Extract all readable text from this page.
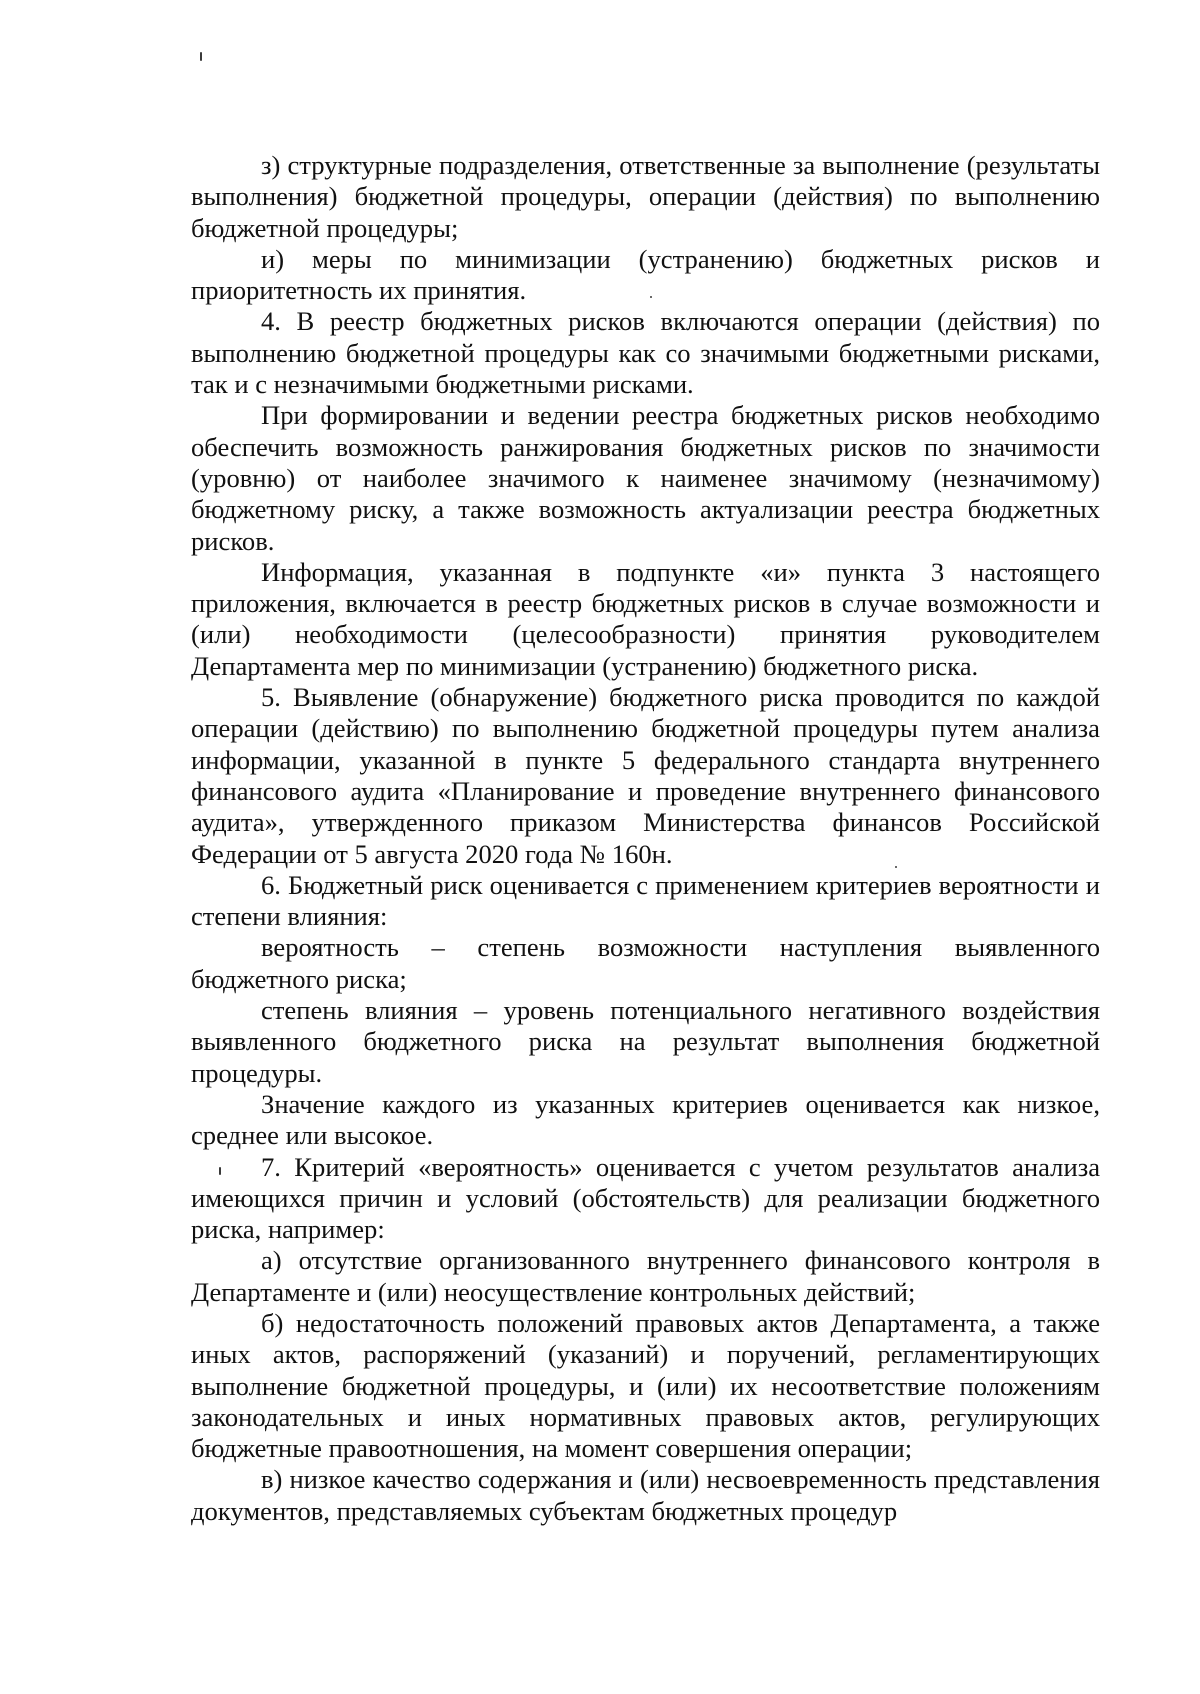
з) структурные подразделения, ответственные за выполнение (результаты выполнения) бюджетной процедуры, операции (действия) по выполнению бюджетной процедуры;

и) меры по минимизации (устранению) бюджетных рисков и приоритетность их принятия.

4. В реестр бюджетных рисков включаются операции (действия) по выполнению бюджетной процедуры как со значимыми бюджетными рисками, так и с незначимыми бюджетными рисками.

При формировании и ведении реестра бюджетных рисков необходимо обеспечить возможность ранжирования бюджетных рисков по значимости (уровню) от наиболее значимого к наименее значимому (незначимому) бюджетному риску, а также возможность актуализации реестра бюджетных рисков.

Информация, указанная в подпункте «и» пункта 3 настоящего приложения, включается в реестр бюджетных рисков в случае возможности и (или) необходимости (целесообразности) принятия руководителем Департамента мер по минимизации (устранению) бюджетного риска.

5. Выявление (обнаружение) бюджетного риска проводится по каждой операции (действию) по выполнению бюджетной процедуры путем анализа информации, указанной в пункте 5 федерального стандарта внутреннего финансового аудита «Планирование и проведение внутреннего финансового аудита», утвержденного приказом Министерства финансов Российской Федерации от 5 августа 2020 года № 160н.

6. Бюджетный риск оценивается с применением критериев вероятности и степени влияния:

вероятность – степень возможности наступления выявленного бюджетного риска;

степень влияния – уровень потенциального негативного воздействия выявленного бюджетного риска на результат выполнения бюджетной процедуры.

Значение каждого из указанных критериев оценивается как низкое, среднее или высокое.

7. Критерий «вероятность» оценивается с учетом результатов анализа имеющихся причин и условий (обстоятельств) для реализации бюджетного риска, например:

а) отсутствие организованного внутреннего финансового контроля в Департаменте и (или) неосуществление контрольных действий;

б) недостаточность положений правовых актов Департамента, а также иных актов, распоряжений (указаний) и поручений, регламентирующих выполнение бюджетной процедуры, и (или) их несоответствие положениям законодательных и иных нормативных правовых актов, регулирующих бюджетные правоотношения, на момент совершения операции;

в) низкое качество содержания и (или) несвоевременность представления документов, представляемых субъектам бюджетных процедур
